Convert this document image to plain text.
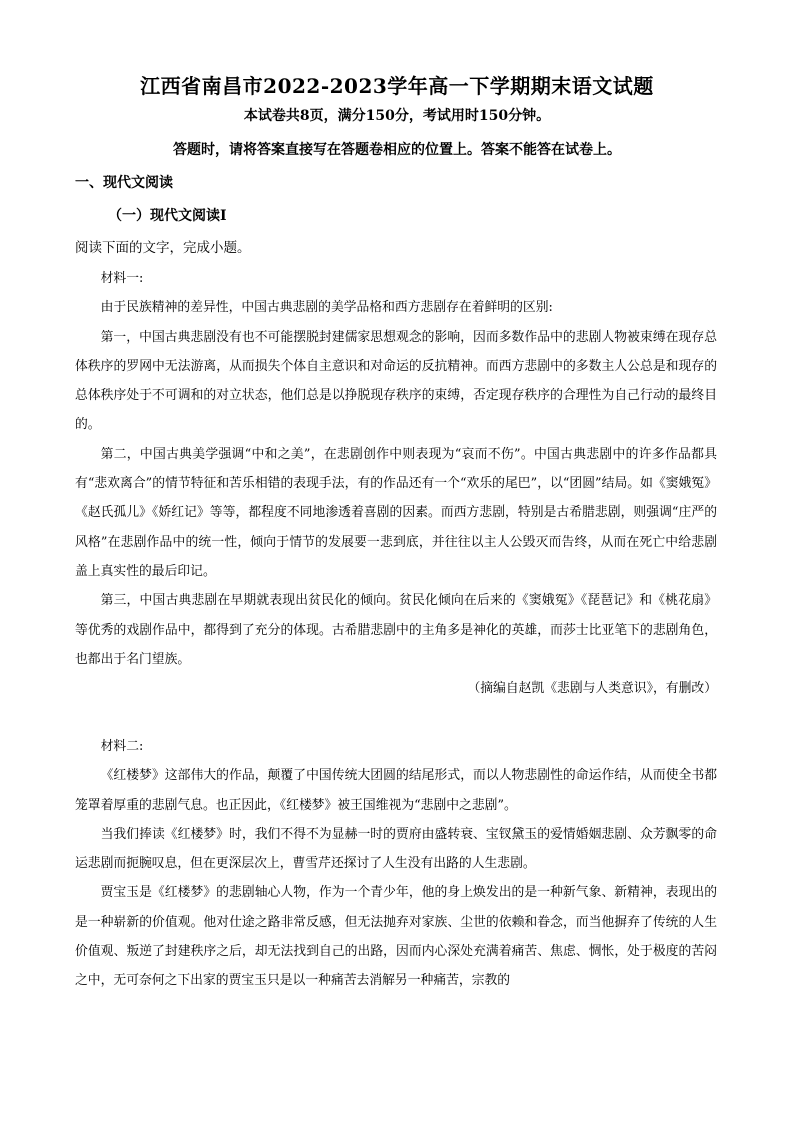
江西省南昌市2022-2023学年高一下学期期末语文试题
本试卷共8页，满分150分，考试用时150分钟。
答题时，请将答案直接写在答题卷相应的位置上。答案不能答在试卷上。
一、现代文阅读
（一）现代文阅读Ⅰ
阅读下面的文字，完成小题。

材料一:

由于民族精神的差异性，中国古典悲剧的美学品格和西方悲剧存在着鲜明的区别:

第一，中国古典悲剧没有也不可能摆脱封建儒家思想观念的影响，因而多数作品中的悲剧人物被束缚在现存总体秩序的罗网中无法游离，从而损失个体自主意识和对命运的反抗精神。而西方悲剧中的多数主人公总是和现存的总体秩序处于不可调和的对立状态，他们总是以挣脱现存秩序的束缚，否定现存秩序的合理性为自己行动的最终目的。

第二，中国古典美学强调“中和之美”，在悲剧创作中则表现为“哀而不伤”。中国古典悲剧中的许多作品都具有“悲欢离合”的情节特征和苦乐相错的表现手法，有的作品还有一个“欢乐的尾巴”，以“团圆”结局。如《窦娥冤》《赵氏孤儿》《娇红记》等等，都程度不同地渗透着喜剧的因素。而西方悲剧，特别是古希腊悲剧，则强调“庄严的风格”在悲剧作品中的统一性，倾向于情节的发展要一悲到底，并往往以主人公毁灭而告终，从而在死亡中给悲剧盖上真实性的最后印记。

第三，中国古典悲剧在早期就表现出贫民化的倾向。贫民化倾向在后来的《窦娥冤》《琵琶记》和《桃花扇》等优秀的戏剧作品中，都得到了充分的体现。古希腊悲剧中的主角多是神化的英雄，而莎士比亚笔下的悲剧角色，也都出于名门望族。

（摘编自赵凯《悲剧与人类意识》，有删改）

材料二:

《红楼梦》这部伟大的作品，颠覆了中国传统大团圆的结尾形式，而以人物悲剧性的命运作结，从而使全书都笼罩着厚重的悲剧气息。也正因此，《红楼梦》被王国维视为“悲剧中之悲剧”。

当我们捧读《红楼梦》时，我们不得不为显赫一时的贾府由盛转衰、宝钗黛玉的爱情婚姻悲剧、众芳飘零的命运悲剧而扼腕叹息，但在更深层次上，曹雪芹还探讨了人生没有出路的人生悲剧。

贾宝玉是《红楼梦》的悲剧轴心人物，作为一个青少年，他的身上焕发出的是一种新气象、新精神，表现出的是一种崭新的价值观。他对仕途之路非常反感，但无法抛弃对家族、尘世的依赖和眷念，而当他摒弃了传统的人生价值观、叛逆了封建秩序之后，却无法找到自己的出路，因而内心深处充满着痛苦、焦虑、惆怅，处于极度的苦闷之中，无可奈何之下出家的贾宝玉只是以一种痛苦去消解另一种痛苦，宗教的
